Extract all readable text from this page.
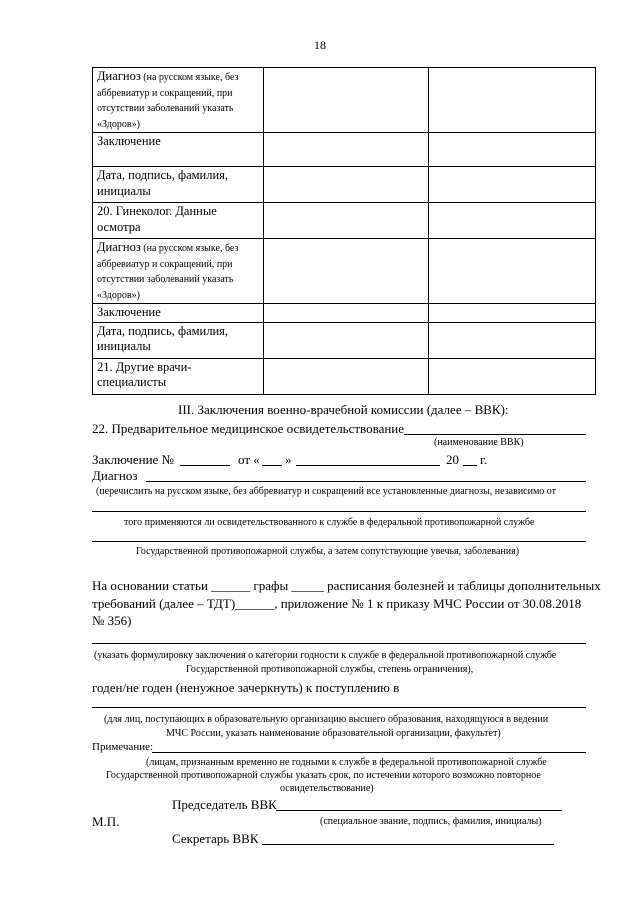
18
Диагноз (на русском языке, без аббревиатур и сокращений, при отсутствии заболеваний указать «Здоров»)		
Заключение		
Дата, подпись, фамилия, инициалы		
20. Гинеколог. Данные осмотра		
Диагноз (на русском языке, без аббревиатур и сокращений, при отсутствии заболеваний указать «Здоров»)		
Заключение		
Дата, подпись, фамилия, инициалы		
21. Другие врачи-специалисты		
III. Заключения военно-врачебной комиссии (далее – ВВК):
22. Предварительное медицинское освидетельствование
(наименование ВВК)
Заключение №	от « »	20 г.
Диагноз
(перечислить на русском языке, без аббревиатур и сокращений все установленные диагнозы, независимо от
того применяются ли освидетельствованного к службе в федеральной противопожарной службе
Государственной противопожарной службы, а затем сопутствующие увечья, заболевания)
На основании статьи ______ графы _____ расписания болезней и таблицы дополнительных
требований (далее – ТДТ)______, приложение № 1 к приказу МЧС России от 30.08.2018
№ 356)
(указать формулировку заключения о категории годности к службе в федеральной противопожарной службе
Государственной противопожарной службы, степень ограничения),
годен/не годен (ненужное зачеркнуть) к поступлению в
(для лиц, поступающих в образовательную организацию высшего образования, находящуюся в ведении
МЧС России, указать наименование образовательной организации, факультет)
Примечание:
(лицам, признанным временно не годными к службе в федеральной противопожарной службе
Государственной противопожарной службы указать срок, по истечении которого возможно повторное
освидетельствование)
Председатель ВВК
М.П.	(специальное звание, подпись, фамилия, инициалы)
Секретарь ВВК
